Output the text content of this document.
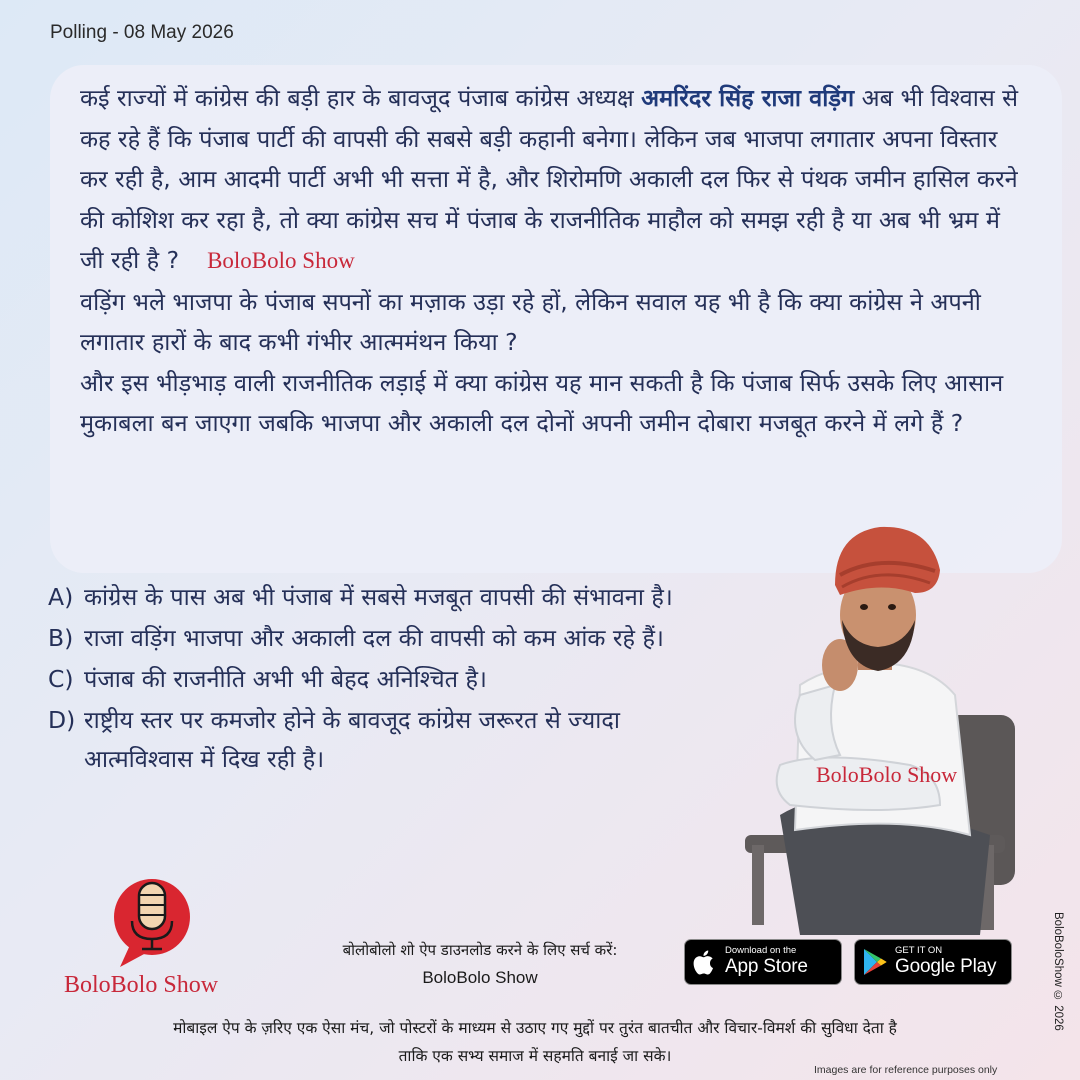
Polling - 08 May 2026

कई राज्यों में कांग्रेस की बड़ी हार के बावजूद पंजाब कांग्रेस अध्यक्ष अमरिंदर सिंह राजा वड़िंग अब भी विश्वास से कह रहे हैं कि पंजाब पार्टी की वापसी की सबसे बड़ी कहानी बनेगा। लेकिन जब भाजपा लगातार अपना विस्तार कर रही है, आम आदमी पार्टी अभी भी सत्ता में है, और शिरोमणि अकाली दल फिर से पंथक जमीन हासिल करने की कोशिश कर रहा है, तो क्या कांग्रेस सच में पंजाब के राजनीतिक माहौल को समझ रही है या अब भी भ्रम में जी रही है ? BoloBolo Show

वड़िंग भले भाजपा के पंजाब सपनों का मज़ाक उड़ा रहे हों, लेकिन सवाल यह भी है कि क्या कांग्रेस ने अपनी लगातार हारों के बाद कभी गंभीर आत्ममंथन किया ?

और इस भीड़भाड़ वाली राजनीतिक लड़ाई में क्या कांग्रेस यह मान सकती है कि पंजाब सिर्फ उसके लिए आसान मुकाबला बन जाएगा जबकि भाजपा और अकाली दल दोनों अपनी जमीन दोबारा मजबूत करने में लगे हैं ?

A) कांग्रेस के पास अब भी पंजाब में सबसे मजबूत वापसी की संभावना है।
B) राजा वड़िंग भाजपा और अकाली दल की वापसी को कम आंक रहे हैं।
C) पंजाब की राजनीति अभी भी बेहद अनिश्चित है।
D) राष्ट्रीय स्तर पर कमजोर होने के बावजूद कांग्रेस जरूरत से ज्यादा आत्मविश्वास में दिख रही है।
BoloBolo Show
BoloBolo Show
बोलोबोलो शो ऐप डाउनलोड करने के लिए सर्च करें:
BoloBolo Show
Download on the
App Store
GET IT ON
Google Play
मोबाइल ऐप के ज़रिए एक ऐसा मंच, जो पोस्टरों के माध्यम से उठाए गए मुद्दों पर तुरंत बातचीत और विचार-विमर्श की सुविधा देता है
ताकि एक सभ्य समाज में सहमति बनाई जा सके।
Images are for reference purposes only
BoloBoloShow © 2026
